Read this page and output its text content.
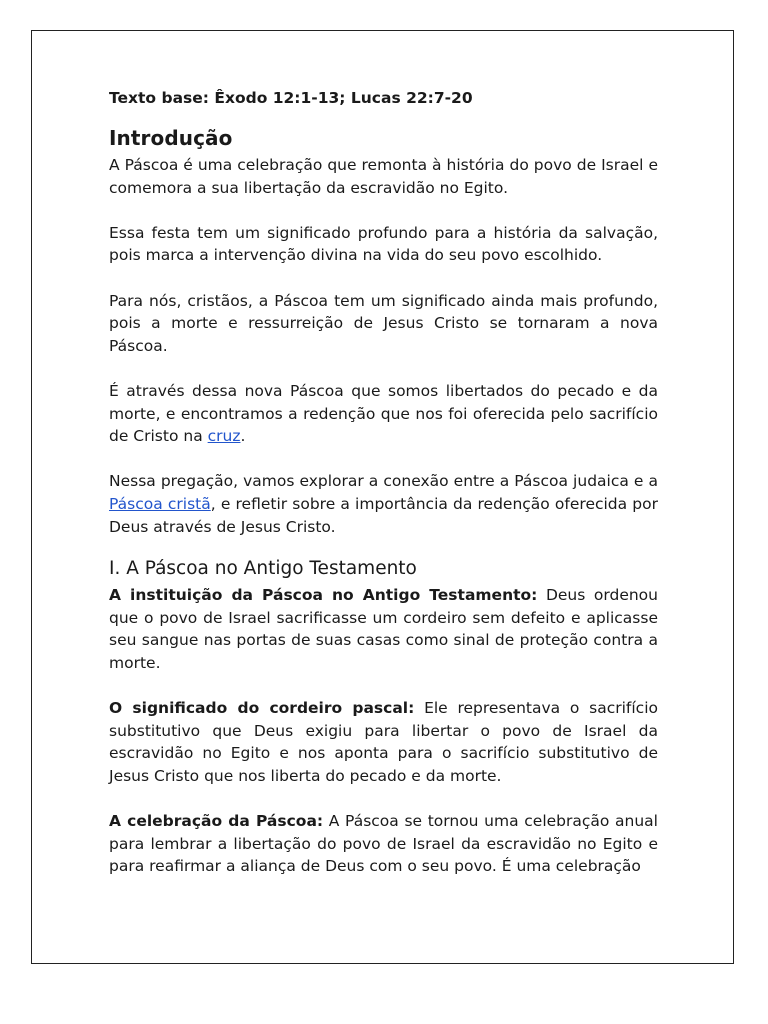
Texto base: Êxodo 12:1-13; Lucas 22:7-20
Introdução

A Páscoa é uma celebração que remonta à história do povo de Israel e comemora a sua libertação da escravidão no Egito.

Essa festa tem um significado profundo para a história da salvação, pois marca a intervenção divina na vida do seu povo escolhido.

Para nós, cristãos, a Páscoa tem um significado ainda mais profundo, pois a morte e ressurreição de Jesus Cristo se tornaram a nova Páscoa.

É através dessa nova Páscoa que somos libertados do pecado e da morte, e encontramos a redenção que nos foi oferecida pelo sacrifício de Cristo na cruz.

Nessa pregação, vamos explorar a conexão entre a Páscoa judaica e a Páscoa cristã, e refletir sobre a importância da redenção oferecida por Deus através de Jesus Cristo.

I. A Páscoa no Antigo Testamento

A instituição da Páscoa no Antigo Testamento: Deus ordenou que o povo de Israel sacrificasse um cordeiro sem defeito e aplicasse seu sangue nas portas de suas casas como sinal de proteção contra a morte.

O significado do cordeiro pascal: Ele representava o sacrifício substitutivo que Deus exigiu para libertar o povo de Israel da escravidão no Egito e nos aponta para o sacrifício substitutivo de Jesus Cristo que nos liberta do pecado e da morte.

A celebração da Páscoa: A Páscoa se tornou uma celebração anual para lembrar a libertação do povo de Israel da escravidão no Egito e para reafirmar a aliança de Deus com o seu povo. É uma celebração
